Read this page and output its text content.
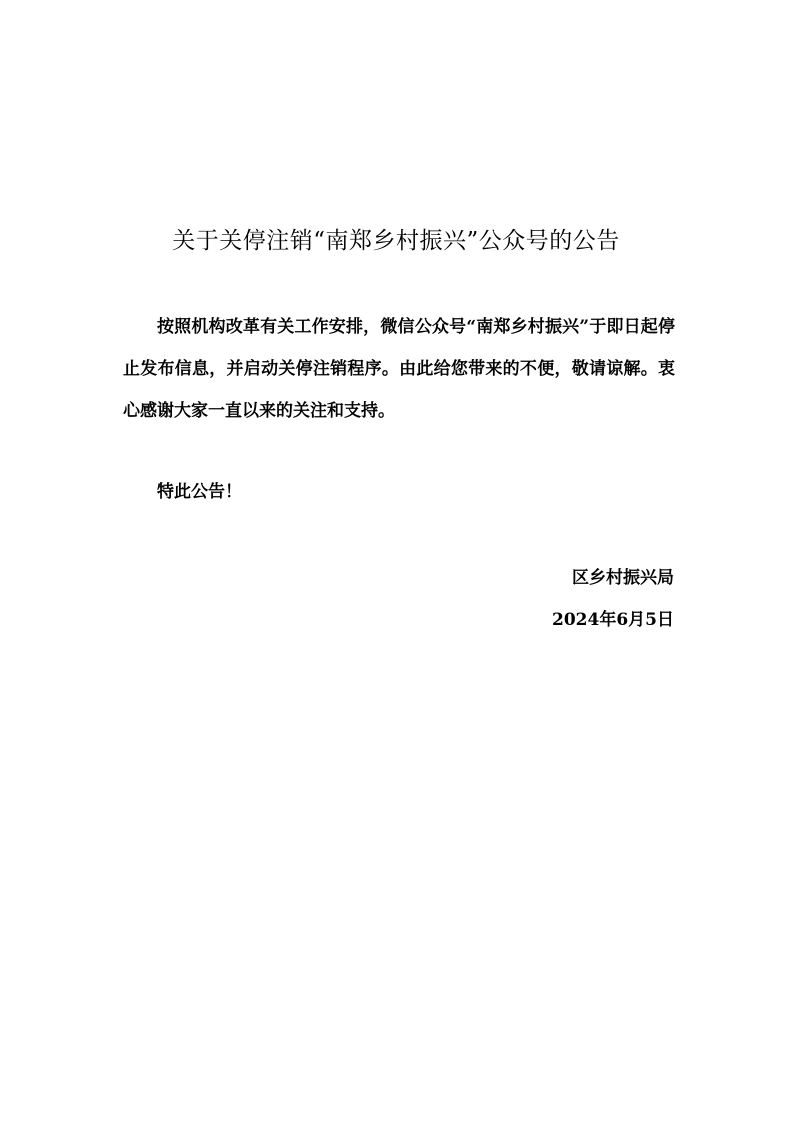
关于关停注销“南郑乡村振兴”公众号的公告
按照机构改革有关工作安排，微信公众号“南郑乡村振兴”于即日起停止发布信息，并启动关停注销程序。由此给您带来的不便，敬请谅解。衷心感谢大家一直以来的关注和支持。
特此公告！
区乡村振兴局
2024年6月5日
